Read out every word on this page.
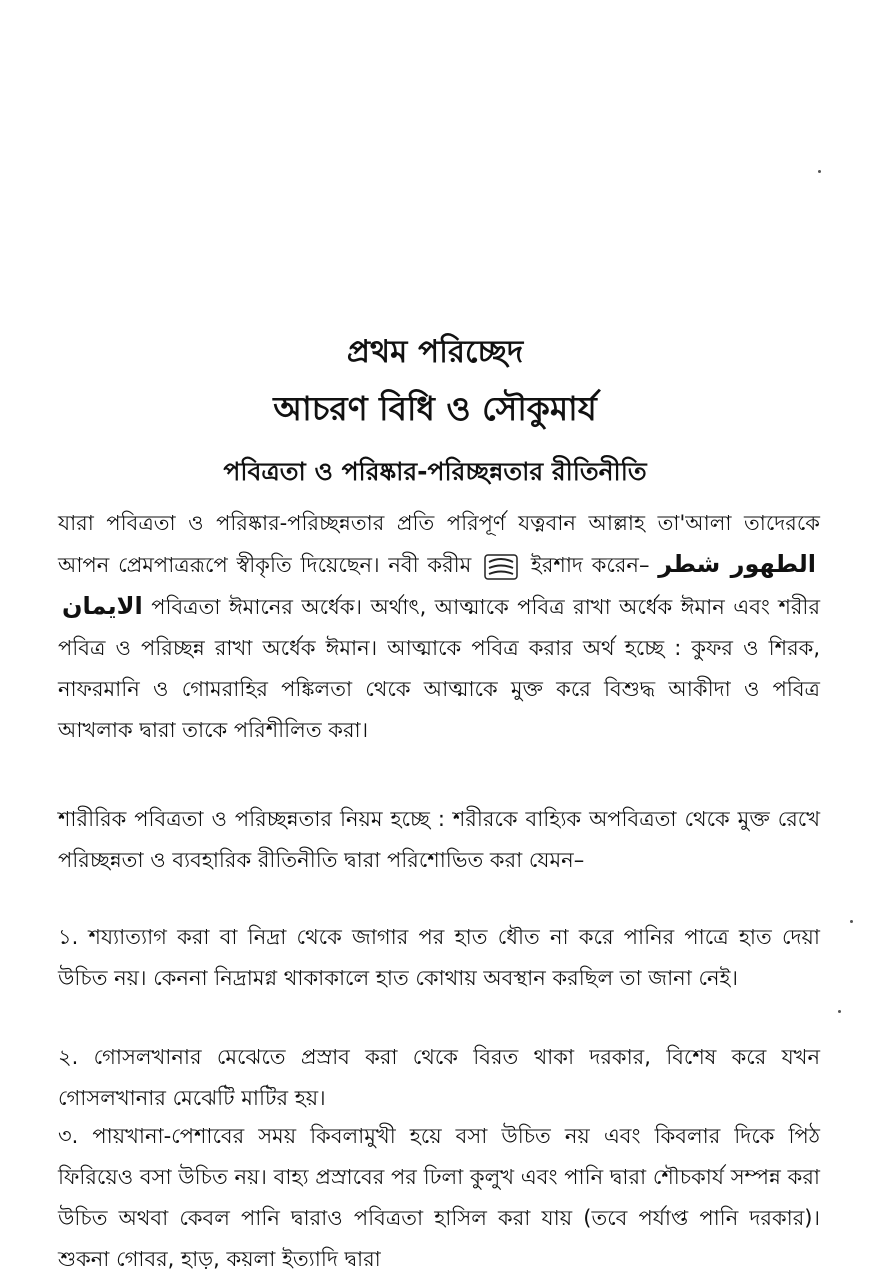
প্রথম পরিচ্ছেদ
আচরণ বিধি ও সৌকুমার্য
পবিত্রতা ও পরিষ্কার-পরিচ্ছন্নতার রীতিনীতি
যারা পবিত্রতা ও পরিষ্কার-পরিচ্ছন্নতার প্রতি পরিপূর্ণ যত্নবান আল্লাহ তা'আলা তাদেরকে আপন প্রেমপাত্ররূপে স্বীকৃতি দিয়েছেন। নবী করীম	ইরশাদ করেন– الطهور شطر الايمان পবিত্রতা ঈমানের অর্ধেক। অর্থাৎ, আত্মাকে পবিত্র রাখা অর্ধেক ঈমান এবং শরীর পবিত্র ও পরিচ্ছন্ন রাখা অর্ধেক ঈমান। আত্মাকে পবিত্র করার অর্থ হচ্ছে : কুফর ও শিরক, নাফরমানি ও গোমরাহির পঙ্কিলতা থেকে আত্মাকে মুক্ত করে বিশুদ্ধ আকীদা ও পবিত্র আখলাক দ্বারা তাকে পরিশীলিত করা।
শারীরিক পবিত্রতা ও পরিচ্ছন্নতার নিয়ম হচ্ছে : শরীরকে বাহ্যিক অপবিত্রতা থেকে মুক্ত রেখে পরিচ্ছন্নতা ও ব্যবহারিক রীতিনীতি দ্বারা পরিশোভিত করা যেমন–
১. শয্যাত্যাগ করা বা নিদ্রা থেকে জাগার পর হাত ধৌত না করে পানির পাত্রে হাত দেয়া উচিত নয়। কেননা নিদ্রামগ্ন থাকাকালে হাত কোথায় অবস্থান করছিল তা জানা নেই।
২. গোসলখানার মেঝেতে প্রস্রাব করা থেকে বিরত থাকা দরকার, বিশেষ করে যখন গোসলখানার মেঝেটি মাটির হয়।
৩. পায়খানা-পেশাবের সময় কিবলামুখী হয়ে বসা উচিত নয় এবং কিবলার দিকে পিঠ ফিরিয়েও বসা উচিত নয়। বাহ্য প্রস্রাবের পর ঢিলা কুলুখ এবং পানি দ্বারা শৌচকার্য সম্পন্ন করা উচিত অথবা কেবল পানি দ্বারাও পবিত্রতা হাসিল করা যায় (তবে পর্যাপ্ত পানি দরকার)। শুকনা গোবর, হাড়, কয়লা ইত্যাদি দ্বারা
